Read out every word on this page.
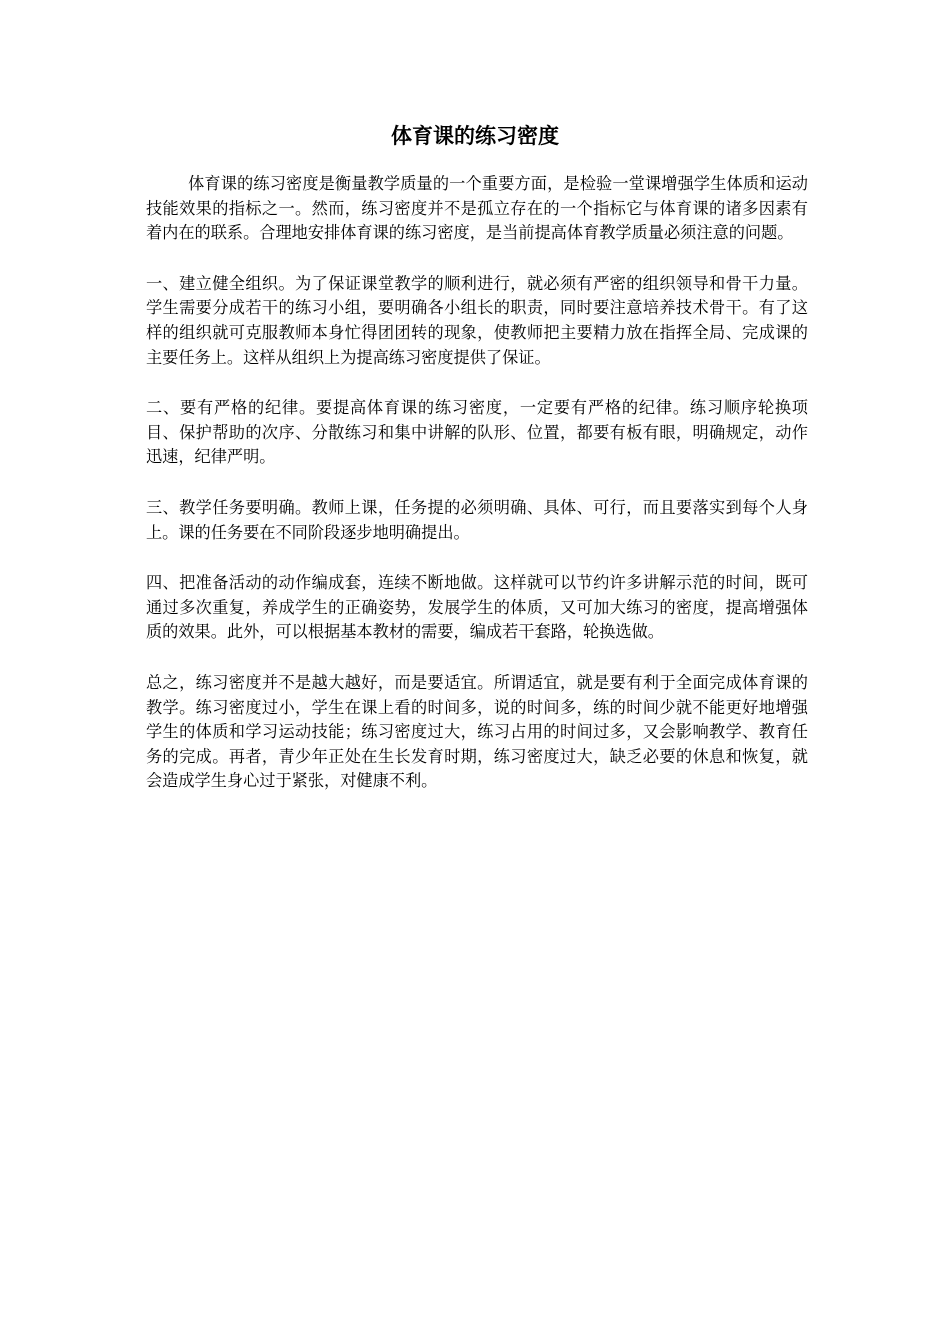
体育课的练习密度

体育课的练习密度是衡量教学质量的一个重要方面，是检验一堂课增强学生体质和运动技能效果的指标之一。然而，练习密度并不是孤立存在的一个指标它与体育课的诸多因素有着内在的联系。合理地安排体育课的练习密度，是当前提高体育教学质量必须注意的问题。

一、建立健全组织。为了保证课堂教学的顺利进行，就必须有严密的组织领导和骨干力量。学生需要分成若干的练习小组，要明确各小组长的职责，同时要注意培养技术骨干。有了这样的组织就可克服教师本身忙得团团转的现象，使教师把主要精力放在指挥全局、完成课的主要任务上。这样从组织上为提高练习密度提供了保证。

二、要有严格的纪律。要提高体育课的练习密度，一定要有严格的纪律。练习顺序轮换项目、保护帮助的次序、分散练习和集中讲解的队形、位置，都要有板有眼，明确规定，动作迅速，纪律严明。

三、教学任务要明确。教师上课，任务提的必须明确、具体、可行，而且要落实到每个人身上。课的任务要在不同阶段逐步地明确提出。

四、把准备活动的动作编成套，连续不断地做。这样就可以节约许多讲解示范的时间，既可通过多次重复，养成学生的正确姿势，发展学生的体质，又可加大练习的密度，提高增强体质的效果。此外，可以根据基本教材的需要，编成若干套路，轮换选做。

总之，练习密度并不是越大越好，而是要适宜。所谓适宜，就是要有利于全面完成体育课的教学。练习密度过小，学生在课上看的时间多，说的时间多，练的时间少就不能更好地增强学生的体质和学习运动技能；练习密度过大，练习占用的时间过多，又会影响教学、教育任务的完成。再者，青少年正处在生长发育时期，练习密度过大，缺乏必要的休息和恢复，就会造成学生身心过于紧张，对健康不利。
